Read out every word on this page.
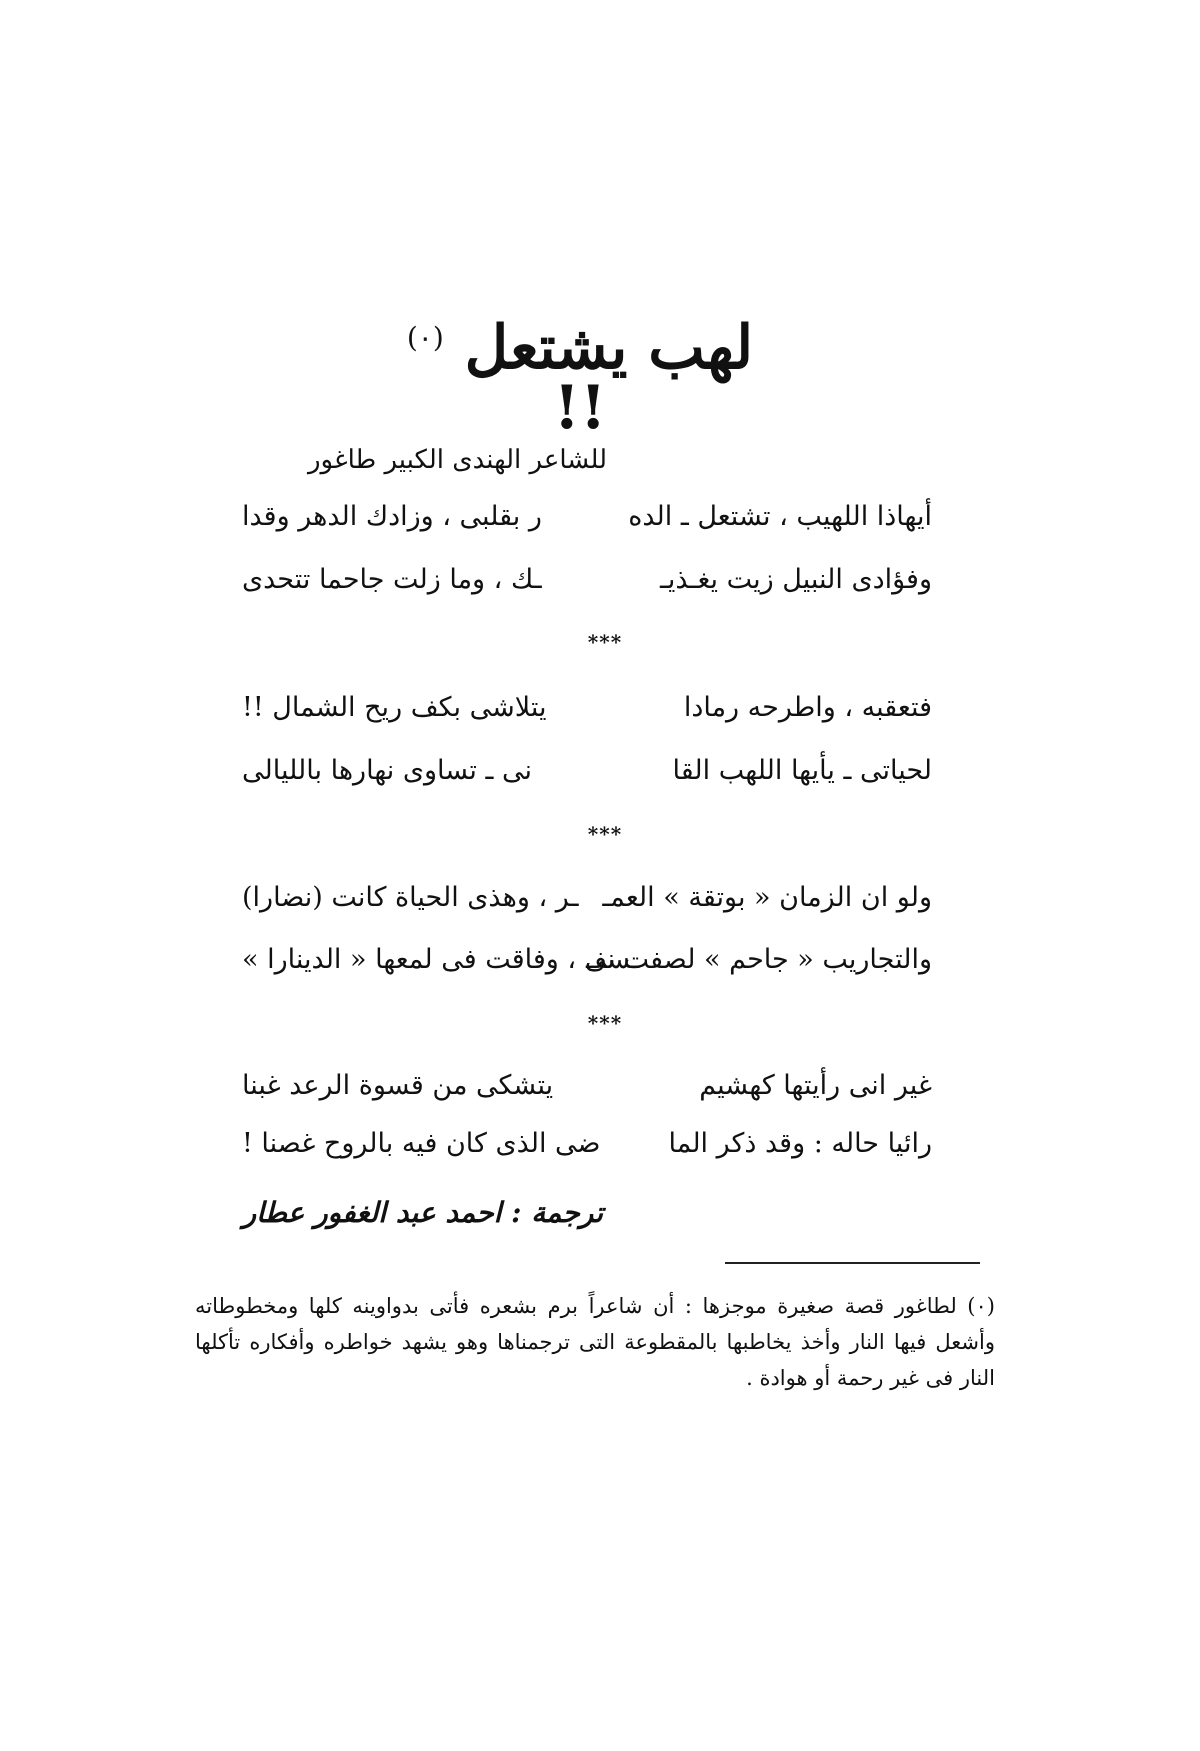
لهب يشتعل $^{(٠)}$ !!
للشاعر الهندى الكبير طاغور
أيهاذا اللهيب ، تشتعل ـ الده
ر بقلبى ، وزادك الدهر وقدا
وفؤادى النبيل زيت يغـذيـ
ـك ، وما زلت جاحما تتحدى
***
فتعقبه ، واطرحه رمادا
يتلاشى بكف ريح الشمال !!
لحياتى ـ يأيها اللهب القا
نى ـ تساوى نهارها بالليالى
***
ولو ان الزمان « بوتقة » العمـ
ـر ، وهذى الحياة كانت (نضارا)
والتجاريب « جاحم » لصفت نفـ
ـسى ، وفاقت فى لمعها « الدينارا »
***
غير انى رأيتها كهشيم
يتشكى من قسوة الرعد غبنا
رائيا حاله : وقد ذكر الما
ضى الذى كان فيه بالروح غصنا !
ترجمة : احمد عبد الغفور عطار

(٠) لطاغور قصة صغيرة موجزها : أن شاعراً برم بشعره فأتى بدواوينه كلها ومخطوطاته وأشعل فيها النار وأخذ يخاطبها بالمقطوعة التى ترجمناها وهو يشهد خواطره وأفكاره تأكلها النار فى غير رحمة أو هوادة .
